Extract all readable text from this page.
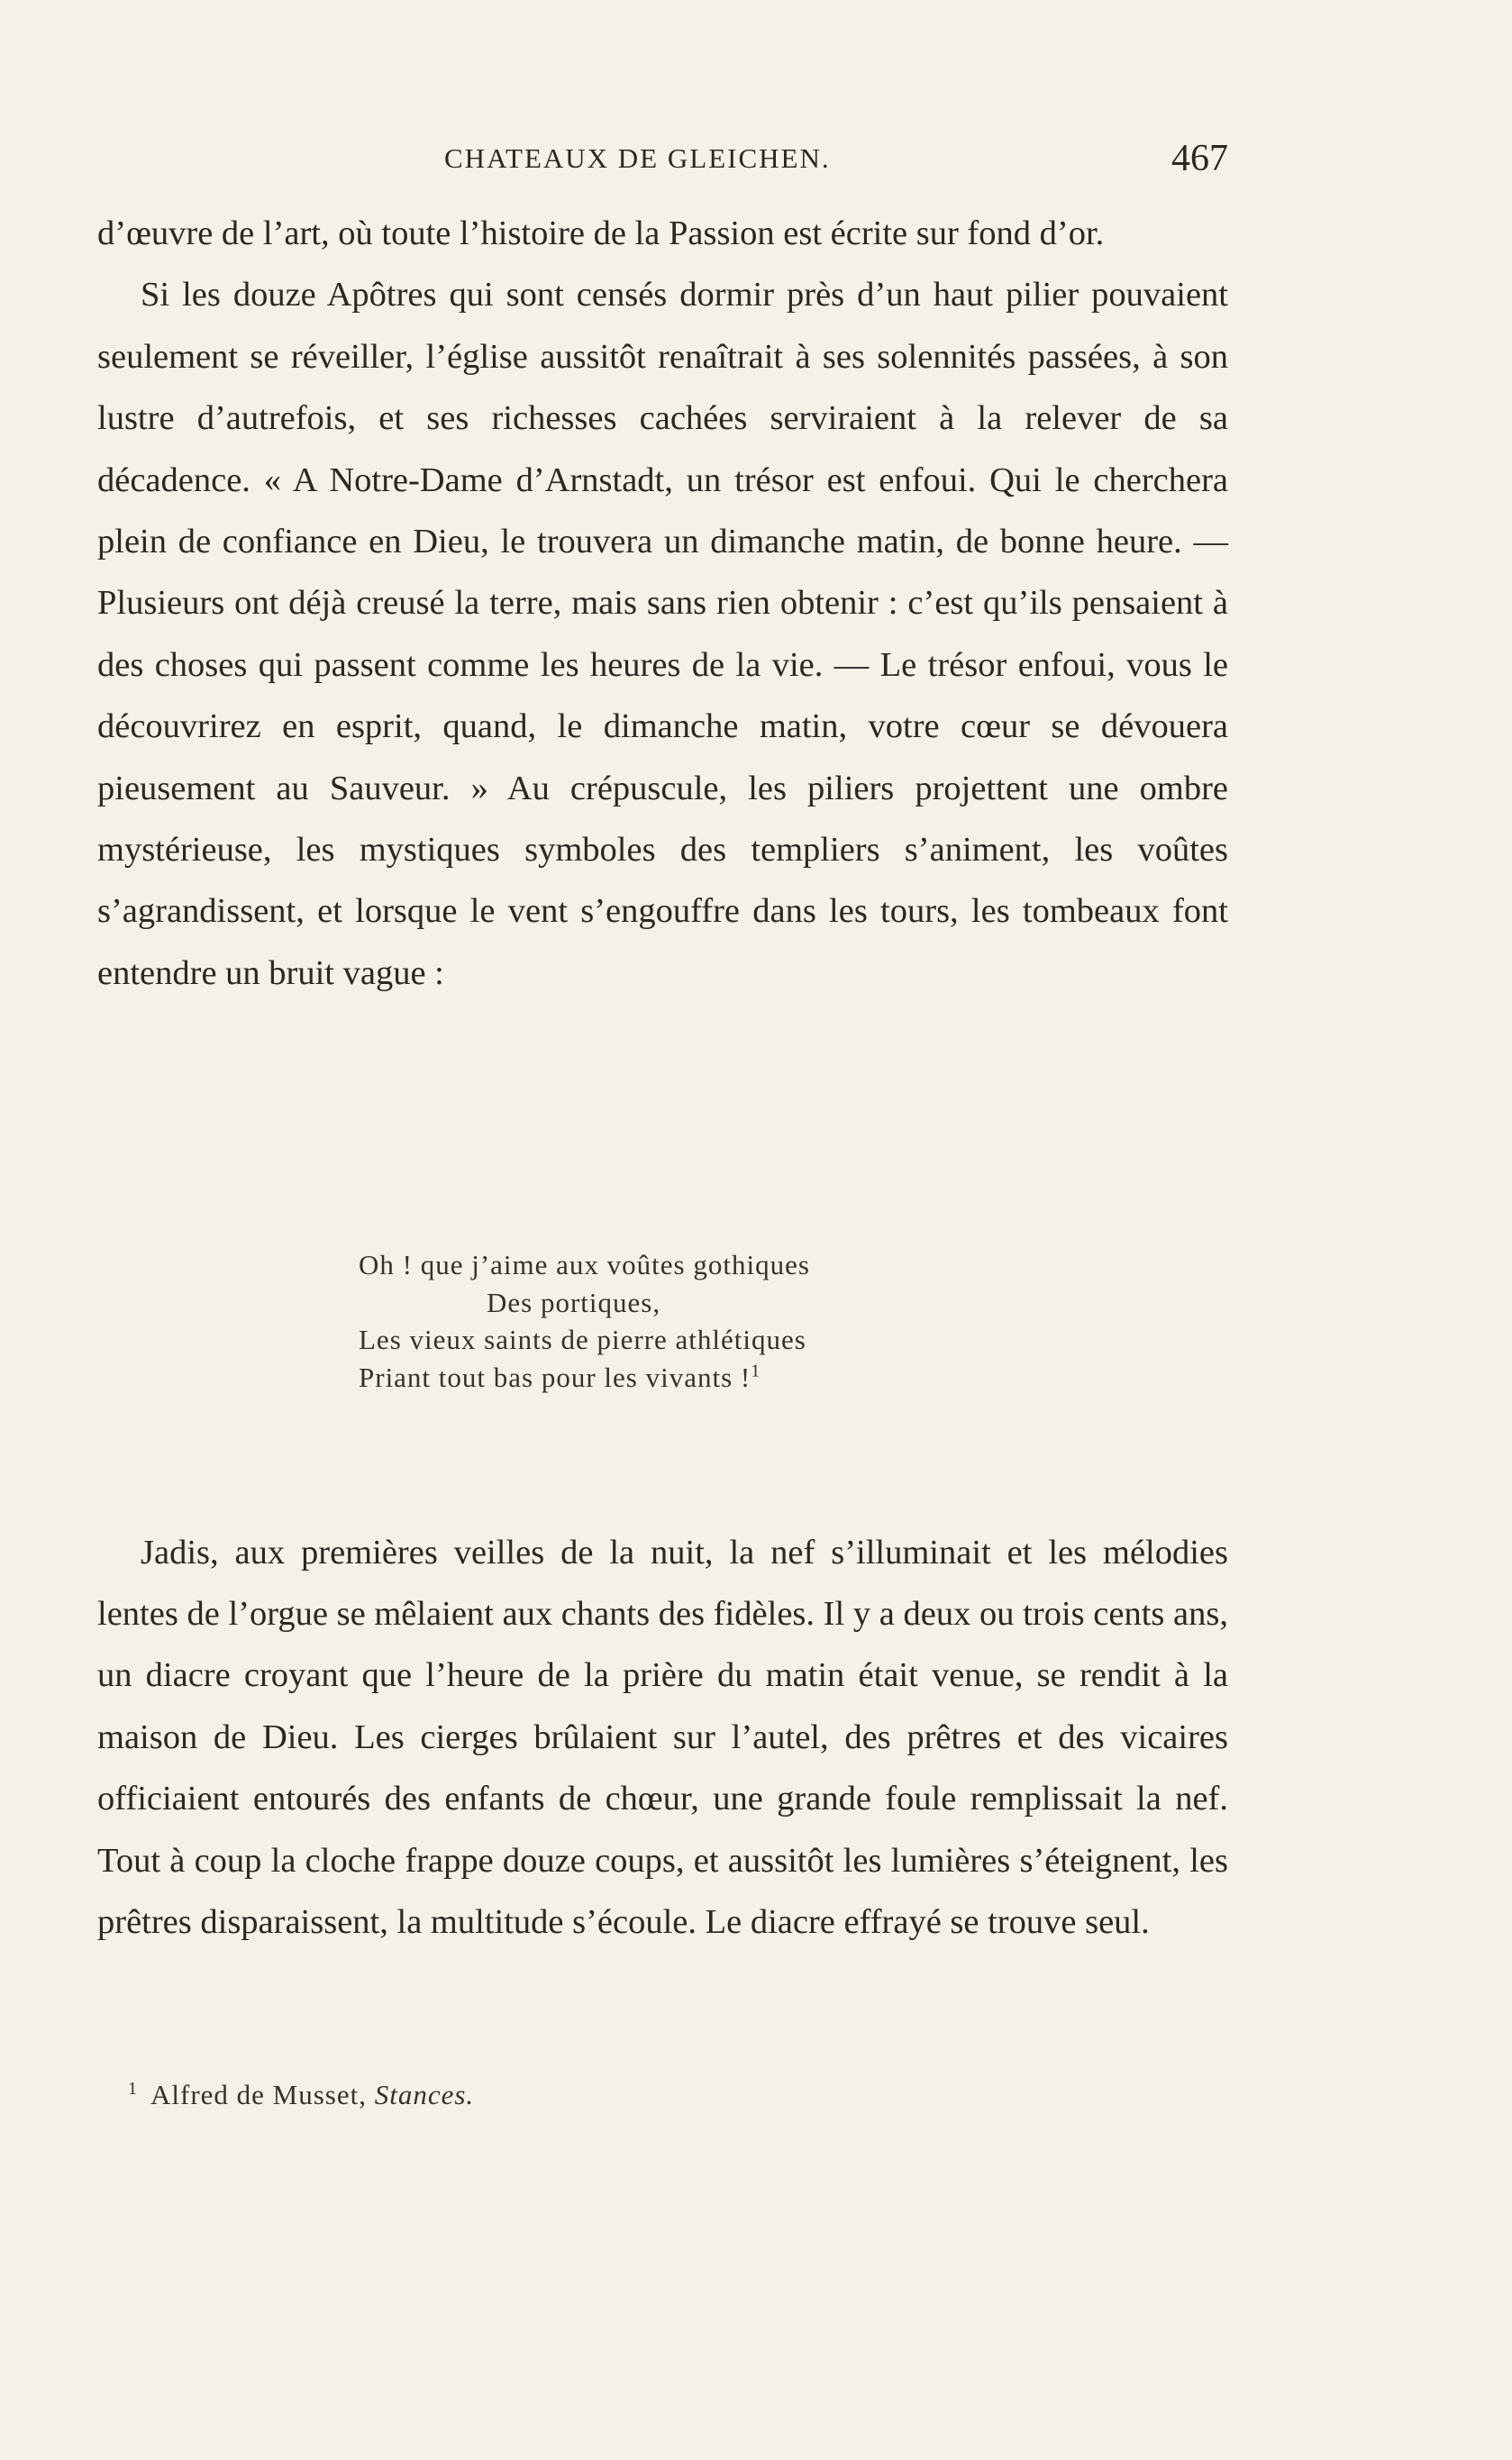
CHATEAUX DE GLEICHEN.	467

d’œuvre de l’art, où toute l’histoire de la Passion est écrite sur fond d’or.

Si les douze Apôtres qui sont censés dormir près d’un haut pilier pouvaient seulement se réveiller, l’église aussitôt renaîtrait à ses solennités passées, à son lustre d’autrefois, et ses richesses cachées serviraient à la relever de sa décadence. « A Notre-Dame d’Arnstadt, un trésor est enfoui. Qui le cherchera plein de confiance en Dieu, le trouvera un dimanche matin, de bonne heure. — Plusieurs ont déjà creusé la terre, mais sans rien obtenir : c’est qu’ils pensaient à des choses qui passent comme les heures de la vie. — Le trésor enfoui, vous le découvrirez en esprit, quand, le dimanche matin, votre cœur se dévouera pieusement au Sauveur. » Au crépuscule, les piliers projettent une ombre mystérieuse, les mystiques symboles des templiers s’animent, les voûtes s’agrandissent, et lorsque le vent s’engouffre dans les tours, les tombeaux font entendre un bruit vague :

Oh ! que j’aime aux voûtes gothiques
Des portiques,
Les vieux saints de pierre athlétiques
Priant tout bas pour les vivants !$^1$

Jadis, aux premières veilles de la nuit, la nef s’illuminait et les mélodies lentes de l’orgue se mêlaient aux chants des fidèles. Il y a deux ou trois cents ans, un diacre croyant que l’heure de la prière du matin était venue, se rendit à la maison de Dieu. Les cierges brûlaient sur l’autel, des prêtres et des vicaires officiaient entourés des enfants de chœur, une grande foule remplissait la nef. Tout à coup la cloche frappe douze coups, et aussitôt les lumières s’éteignent, les prêtres disparaissent, la multitude s’écoule. Le diacre effrayé se trouve seul.

$^1$ Alfred de Musset, Stances.
